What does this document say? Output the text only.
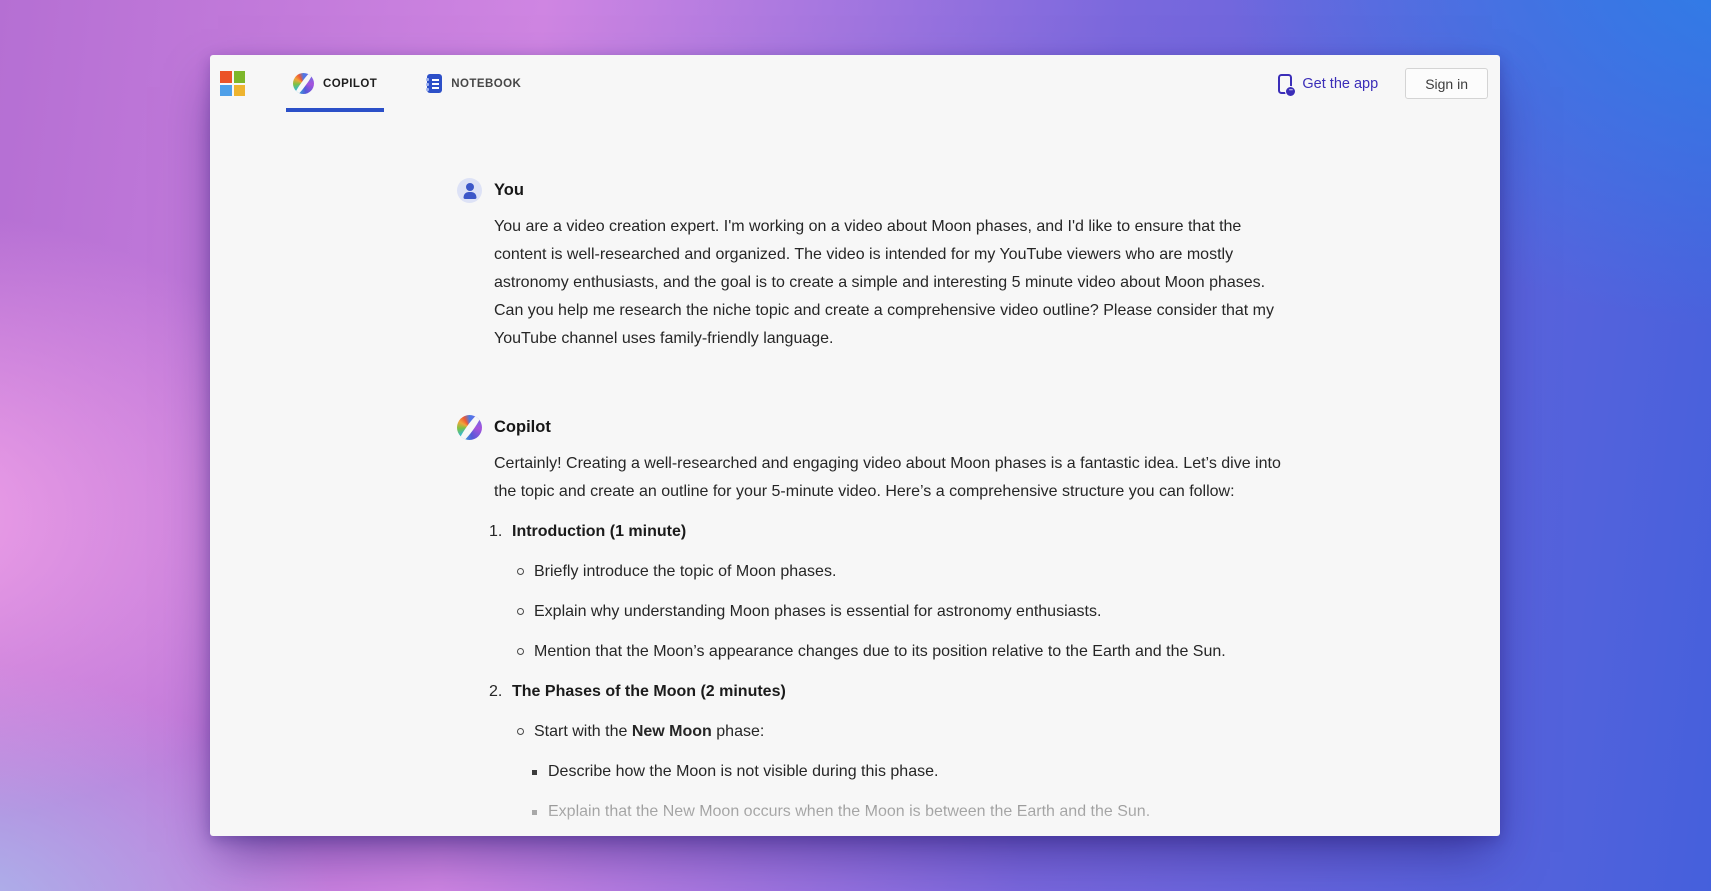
COPILOT	NOTEBOOK –	Get the app	Sign in
You

You are a video creation expert. I'm working on a video about Moon phases, and I'd like to ensure that the content is well-researched and organized. The video is intended for my YouTube viewers who are mostly astronomy enthusiasts, and the goal is to create a simple and interesting 5 minute video about Moon phases. Can you help me research the niche topic and create a comprehensive video outline? Please consider that my YouTube channel uses family-friendly language.

Copilot

Certainly! Creating a well-researched and engaging video about Moon phases is a fantastic idea. Let’s dive into the topic and create an outline for your 5-minute video. Here’s a comprehensive structure you can follow:

1. Introduction (1 minute)
Briefly introduce the topic of Moon phases.
Explain why understanding Moon phases is essential for astronomy enthusiasts.
Mention that the Moon’s appearance changes due to its position relative to the Earth and the Sun.
2. The Phases of the Moon (2 minutes)
Start with the New Moon phase:
Describe how the Moon is not visible during this phase.
Explain that the New Moon occurs when the Moon is between the Earth and the Sun.
